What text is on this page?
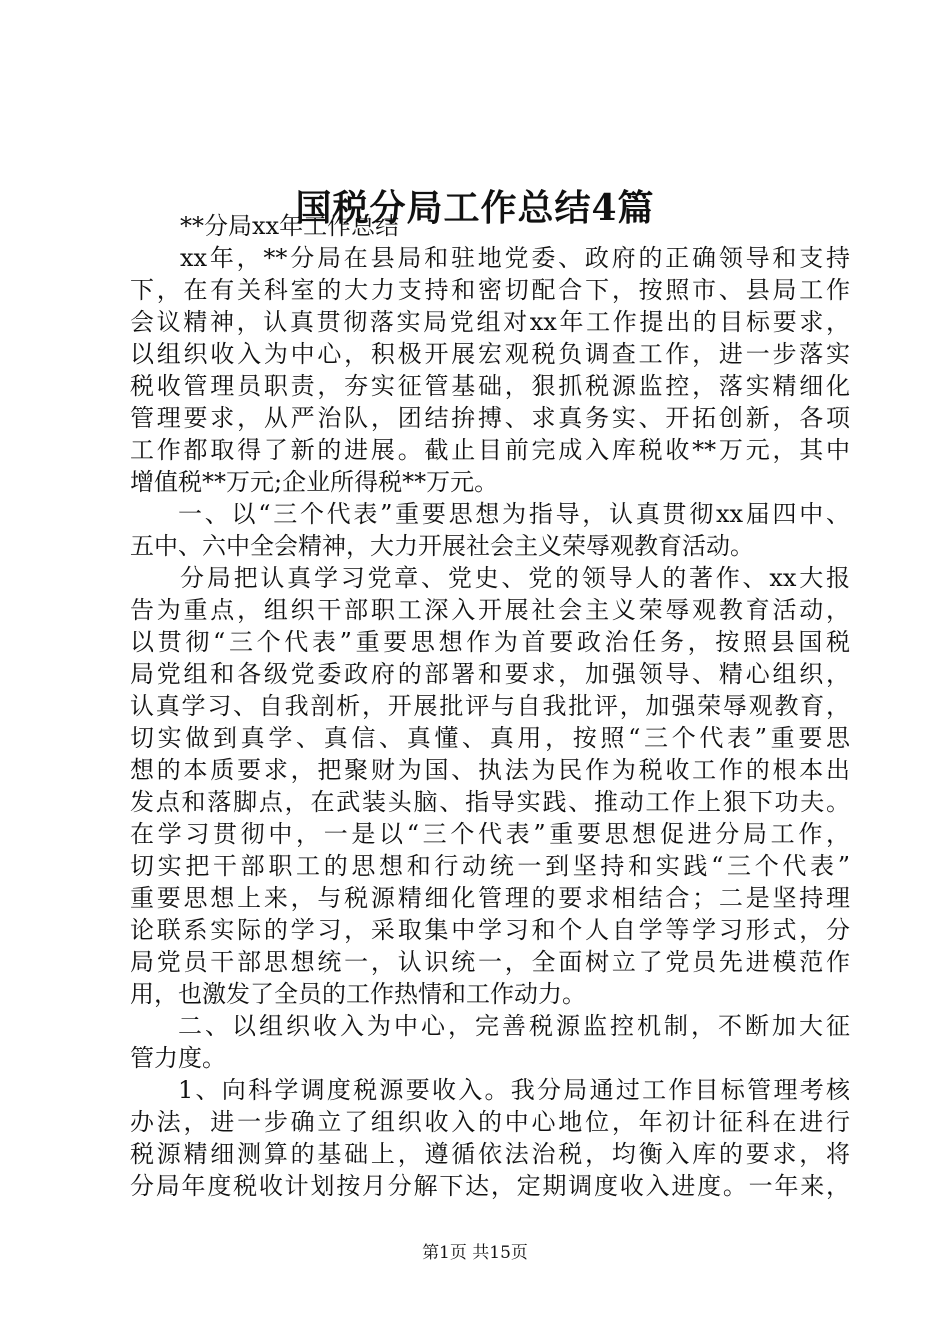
国税分局工作总结4篇
**分局xx年工作总结
xx年，**分局在县局和驻地党委、政府的正确领导和支持
下，在有关科室的大力支持和密切配合下，按照市、县局工作
会议精神，认真贯彻落实局党组对xx年工作提出的目标要求，
以组织收入为中心，积极开展宏观税负调查工作，进一步落实
税收管理员职责，夯实征管基础，狠抓税源监控，落实精细化
管理要求，从严治队，团结拚搏、求真务实、开拓创新，各项
工作都取得了新的进展。截止目前完成入库税收**万元，其中
增值税**万元;企业所得税**万元。
一、以“三个代表”重要思想为指导，认真贯彻xx届四中、
五中、六中全会精神，大力开展社会主义荣辱观教育活动。
分局把认真学习党章、党史、党的领导人的著作、xx大报
告为重点，组织干部职工深入开展社会主义荣辱观教育活动，
以贯彻“三个代表”重要思想作为首要政治任务，按照县国税
局党组和各级党委政府的部署和要求，加强领导、精心组织，
认真学习、自我剖析，开展批评与自我批评，加强荣辱观教育，
切实做到真学、真信、真懂、真用，按照“三个代表”重要思
想的本质要求，把聚财为国、执法为民作为税收工作的根本出
发点和落脚点，在武装头脑、指导实践、推动工作上狠下功夫。
在学习贯彻中，一是以“三个代表”重要思想促进分局工作，
切实把干部职工的思想和行动统一到坚持和实践“三个代表”
重要思想上来，与税源精细化管理的要求相结合；二是坚持理
论联系实际的学习，采取集中学习和个人自学等学习形式，分
局党员干部思想统一，认识统一，全面树立了党员先进模范作
用，也激发了全员的工作热情和工作动力。
二、以组织收入为中心，完善税源监控机制，不断加大征
管力度。
1、向科学调度税源要收入。我分局通过工作目标管理考核
办法，进一步确立了组织收入的中心地位，年初计征科在进行
税源精细测算的基础上，遵循依法治税，均衡入库的要求，将
分局年度税收计划按月分解下达，定期调度收入进度。一年来，
第1页 共15页
